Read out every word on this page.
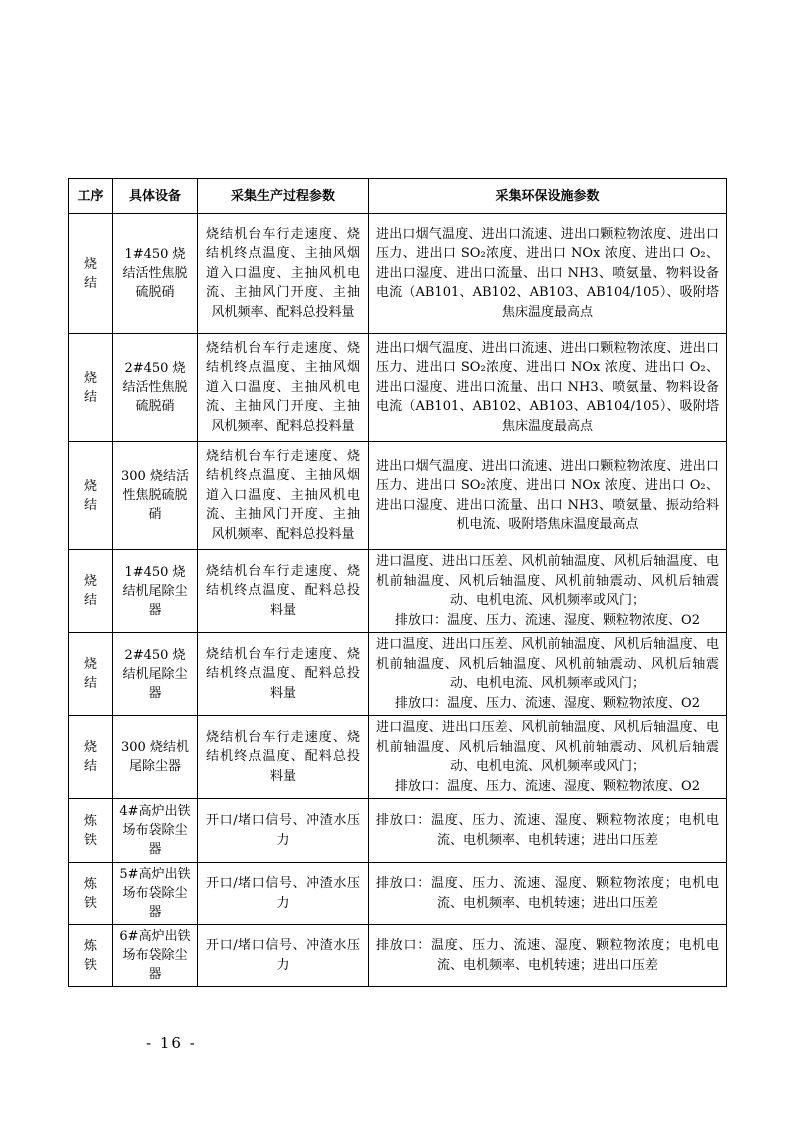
工序	具体设备	采集生产过程参数	采集环保设施参数
烧结	1#450 烧结活性焦脱硫脱硝	烧结机台车行走速度、烧结机终点温度、主抽风烟道入口温度、主抽风机电流、主抽风门开度、主抽风机频率、配料总投料量	进出口烟气温度、进出口流速、进出口颗粒物浓度、进出口压力、进出口 SO₂浓度、进出口 NOx 浓度、进出口 O₂、进出口湿度、进出口流量、出口 NH3、喷氨量、物料设备电流（AB101、AB102、AB103、AB104/105）、吸附塔焦床温度最高点

烧结	2#450 烧结活性焦脱硫脱硝	烧结机台车行走速度、烧结机终点温度、主抽风烟道入口温度、主抽风机电流、主抽风门开度、主抽风机频率、配料总投料量	进出口烟气温度、进出口流速、进出口颗粒物浓度、进出口压力、进出口 SO₂浓度、进出口 NOx 浓度、进出口 O₂、进出口湿度、进出口流量、出口 NH3、喷氨量、物料设备电流（AB101、AB102、AB103、AB104/105）、吸附塔焦床温度最高点

烧结	300 烧结活性焦脱硫脱硝	烧结机台车行走速度、烧结机终点温度、主抽风烟道入口温度、主抽风机电流、主抽风门开度、主抽风机频率、配料总投料量	进出口烟气温度、进出口流速、进出口颗粒物浓度、进出口压力、进出口 SO₂浓度、进出口 NOx 浓度、进出口 O₂、进出口湿度、进出口流量、出口 NH3、喷氨量、振动给料机电流、吸附塔焦床温度最高点

烧结	1#450 烧结机尾除尘器	烧结机台车行走速度、烧结机终点温度、配料总投料量	进口温度、进出口压差、风机前轴温度、风机后轴温度、电机前轴温度、风机后轴温度、风机前轴震动、风机后轴震动、电机电流、风机频率或风门；

排放口：温度、压力、流速、湿度、颗粒物浓度、O2

烧结	2#450 烧结机尾除尘器	烧结机台车行走速度、烧结机终点温度、配料总投料量	进口温度、进出口压差、风机前轴温度、风机后轴温度、电机前轴温度、风机后轴温度、风机前轴震动、风机后轴震动、电机电流、风机频率或风门；

排放口：温度、压力、流速、湿度、颗粒物浓度、O2

烧结	300 烧结机尾除尘器	烧结机台车行走速度、烧结机终点温度、配料总投料量	进口温度、进出口压差、风机前轴温度、风机后轴温度、电机前轴温度、风机后轴温度、风机前轴震动、风机后轴震动、电机电流、风机频率或风门；

排放口：温度、压力、流速、湿度、颗粒物浓度、O2

炼铁	4#高炉出铁场布袋除尘器	开口/堵口信号、冲渣水压力	排放口：温度、压力、流速、湿度、颗粒物浓度；电机电流、电机频率、电机转速；进出口压差

炼铁	5#高炉出铁场布袋除尘器	开口/堵口信号、冲渣水压力	排放口：温度、压力、流速、湿度、颗粒物浓度；电机电流、电机频率、电机转速；进出口压差

炼铁	6#高炉出铁场布袋除尘器	开口/堵口信号、冲渣水压力	排放口：温度、压力、流速、湿度、颗粒物浓度；电机电流、电机频率、电机转速；进出口压差

- 16 -
